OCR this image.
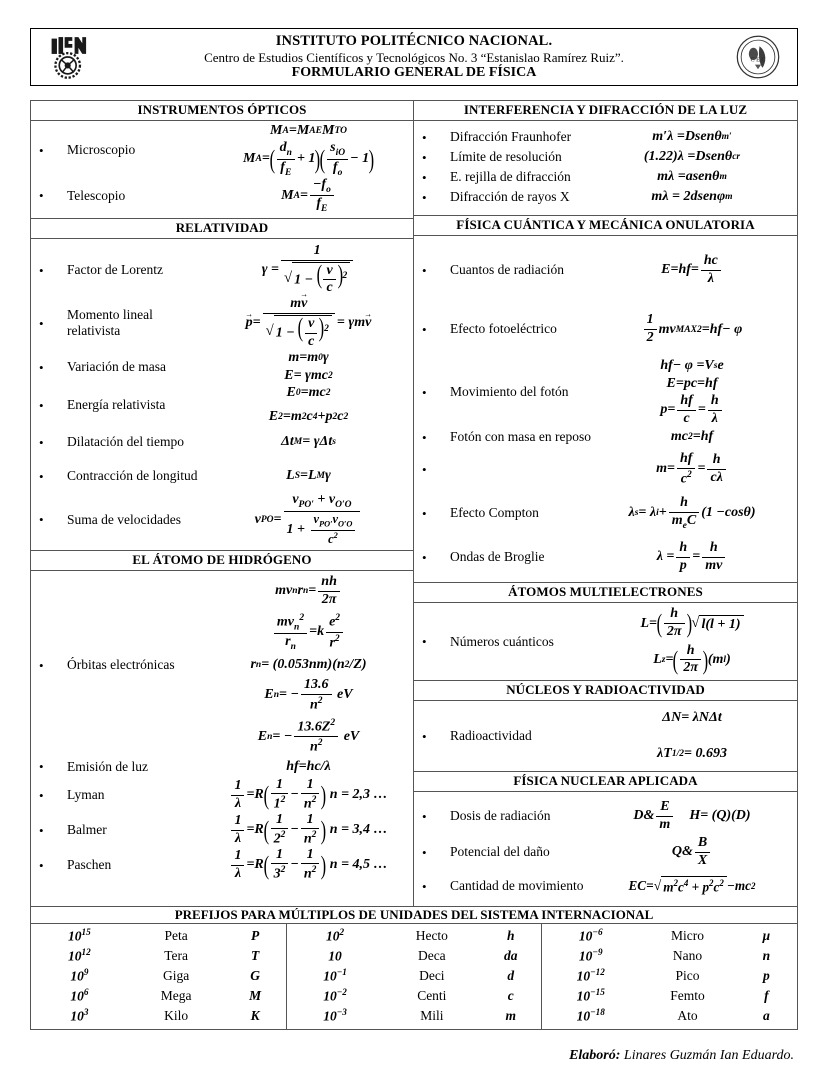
INSTITUTO POLITÉCNICO NACIONAL.
Centro de Estudios Científicos y Tecnológicos No. 3 “Estanislao Ramírez Ruiz”.
FORMULARIO GENERAL DE FÍSICA
C E C
INSTRUMENTOS ÓPTICOS
•
Microscopio
M A = M AE M TO
M A = ( $\frac{d_n}{f_E} + 1$ ) ( $\frac{s_{iO}}{f_o} - 1$ )
•
Telescopio	M $A = \frac{-f_o}{f_E}$
RELATIVIDAD
•
Factor de Lorentz	$\gamma = \frac{1}{√ 1 - ( \frac{v}{c} )^2}$
•
Momento lineal relativista
p → = $\frac{mv \to}{√ 1 - ( \frac{v}{c} )^2} = \gamma$ m v →
•
Variación de masa
m = m 0 γ
E = γ mc 2
•
Energía relativista
E 0 = mc 2
E 2 = m 2 c 4 + p 2 c 2
•
Dilatación del tiempo	Δ t M = γΔ t s
•
Contracción de longitud	L S = L M γ
•
Suma de velocidades	v PO =
$v_{PO'} + v_{O'O}$
$1 + \frac{v_{PO'}v_{O'O}}{c^2}$
EL ÁTOMO DE HIDRÓGENO
•
Órbitas electrónicas
mv n r $n = \frac{nh}{2\pi}$
$\frac{mv_n^2}{r_n} = k \frac{e^2}{r^2}$
r n = (0.053 nm )( n 2 / Z )
E n = − $\frac{13.6}{n^2}$
eV
E n = − $\frac{13.6Z^2}{n^2}$
eV
•
Emisión de luz	hf = hc /λ
•
Lyman	$\frac{1}{\lambda} = R$ ( $\frac{1}{1^2} - \frac{1}{n^2}$ )
n = 2,3 …
•
Balmer	$\frac{1}{\lambda} = R$ ( $\frac{1}{2^2} - \frac{1}{n^2}$ )
n = 3,4 …
•
Paschen	$\frac{1}{\lambda} = R$ ( $\frac{1}{3^2} - \frac{1}{n^2}$ )
n = 4,5 …
INTERFERENCIA Y DIFRACCIÓN DE LA LUZ
•
Difracción Fraunhofer	m ′λ = Dsenθ m′
•
Límite de resolución	(1.22)λ = Dsenθ cr
•
E. rejilla de difracción	m λ = asenθ m
•
Difracción de rayos X	m λ = 2 dsenφ m
FÍSICA CUÁNTICA Y MECÁNICA ONULATORIA
•
Cuantos de radiación	E = hf = $\frac{hc}{\lambda}$
•
Efecto fotoeléctrico	$\frac{1}{2}$ mv MAX 2 = hf − φ
•
Movimiento del fotón
hf − φ = V s e
E = pc = hf
$p = \frac{hf}{c} = \frac{h}{\lambda}$
•
Fotón con masa en reposo	mc 2 = hf
•
$m = \frac{hf}{c^2} = \frac{h}{c\lambda}$
•
Efecto Compton	λ s = λ $i + \frac{h}{m_eC} (1 - \cos\theta$ )
•
Ondas de Broglie	$\lambda = \frac{h}{p} = \frac{h}{mv}$
ÁTOMOS MULTIELECTRONES
•
Números cuánticos
L = ( $\frac{h}{2\pi}$ ) √ l(l + 1)
L z = ( $\frac{h}{2\pi}$ ) ( m l )
NÚCLEOS Y RADIOACTIVIDAD
•
Radioactividad
Δ N = λ N Δ t
λ T 1/2 = 0.693
FÍSICA NUCLEAR APLICADA
•
Dosis de radiación	D & $\frac{E}{m}$
H = ( Q )( D )
•
Potencial del daño	Q & $\frac{B}{X}$
•
Cantidad de movimiento	EC = √ $m^2c^4 + p^2c^2$ − mc 2
PREFIJOS PARA MÚLTIPLOS DE UNIDADES DEL SISTEMA INTERNACIONAL
$10^{15}$	Peta	P
$10^{12}$	Tera	T
$10^9$	Giga	G
$10^6$	Mega	M
$10^3$	Kilo	K
$10^2$	Hecto	h
10	Deca	da
$10^{-1}$	Deci	d
$10^{-2}$	Centi	c
$10^{-3}$	Mili	m
$10^{-6}$	Micro	μ
$10^{-9}$	Nano	n
$10^{-12}$	Pico	p
$10^{-15}$	Femto	f
$10^{-18}$	Ato	a
Elaboró: Linares Guzmán Ian Eduardo.
